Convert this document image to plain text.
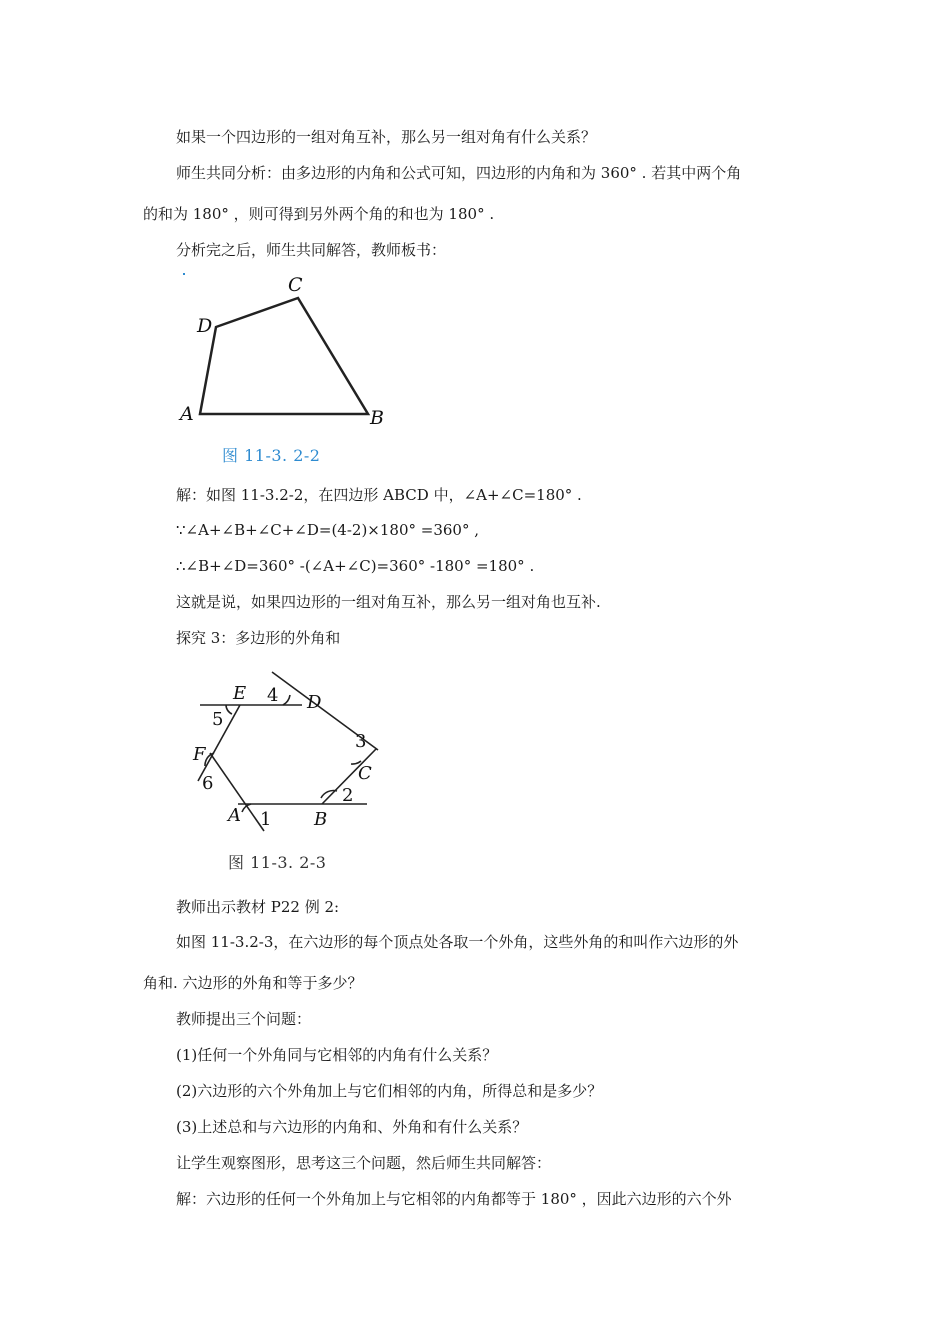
如果一个四边形的一组对角互补，那么另一组对角有什么关系？
师生共同分析：由多边形的内角和公式可知，四边形的内角和为 360° . 若其中两个角
的和为 180° ，则可得到另外两个角的和也为 180° .
分析完之后，师生共同解答，教师板书：
A	B
C
D
图 11-3. 2-2
解：如图 11-3.2-2，在四边形 ABCD 中，∠A+∠C=180° .
∵∠A+∠B+∠C+∠D=(4-2)×180° =360° ,
∴∠B+∠D=360° -(∠A+∠C)=360° -180° =180° .
这就是说，如果四边形的一组对角互补，那么另一组对角也互补.
探究 3：多边形的外角和
E	D
C
B
A
F
4
3
2
1
6
5
图 11-3. 2-3
教师出示教材 P22 例 2:
如图 11-3.2-3，在六边形的每个顶点处各取一个外角，这些外角的和叫作六边形的外
角和. 六边形的外角和等于多少？
教师提出三个问题：
(1)任何一个外角同与它相邻的内角有什么关系？
(2)六边形的六个外角加上与它们相邻的内角，所得总和是多少？
(3)上述总和与六边形的内角和、外角和有什么关系？
让学生观察图形，思考这三个问题，然后师生共同解答：
解：六边形的任何一个外角加上与它相邻的内角都等于 180° ，因此六边形的六个外
